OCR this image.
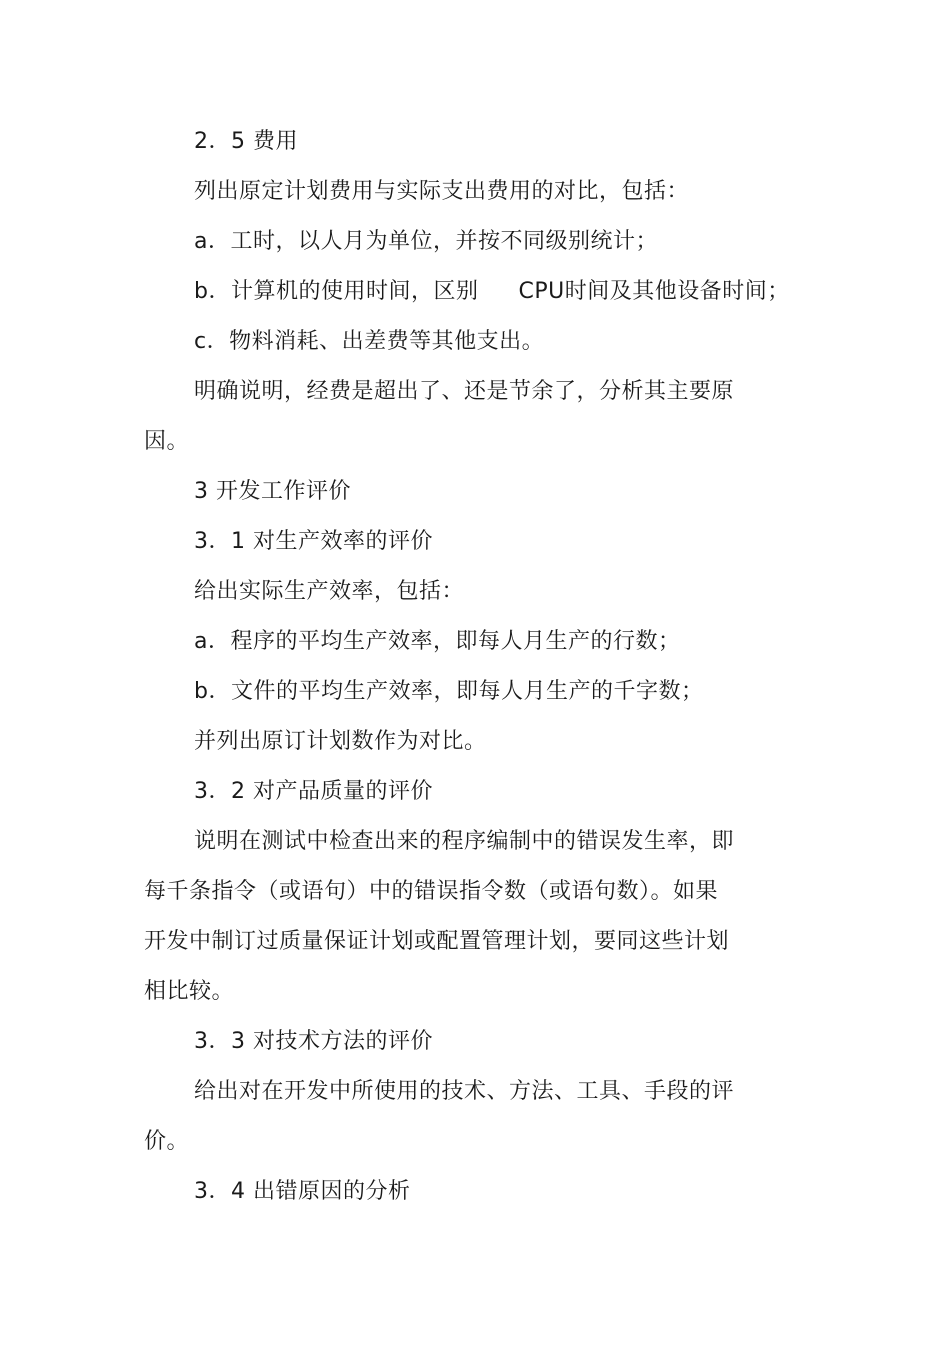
2．5 费用
列出原定计划费用与实际支出费用的对比，包括：
a．工时，以人月为单位，并按不同级别统计；
b．计算机的使用时间，区别 CPU时间及其他设备时间；
c．物料消耗、出差费等其他支出。
明确说明，经费是超出了、还是节余了，分析其主要原
因。
3 开发工作评价
3．1 对生产效率的评价
给出实际生产效率，包括：
a．程序的平均生产效率，即每人月生产的行数；
b．文件的平均生产效率，即每人月生产的千字数；
并列出原订计划数作为对比。
3．2 对产品质量的评价
说明在测试中检查出来的程序编制中的错误发生率，即
每千条指令（或语句）中的错误指令数（或语句数）。如果
开发中制订过质量保证计划或配置管理计划，要同这些计划
相比较。
3．3 对技术方法的评价
给出对在开发中所使用的技术、方法、工具、手段的评
价。
3．4 出错原因的分析
